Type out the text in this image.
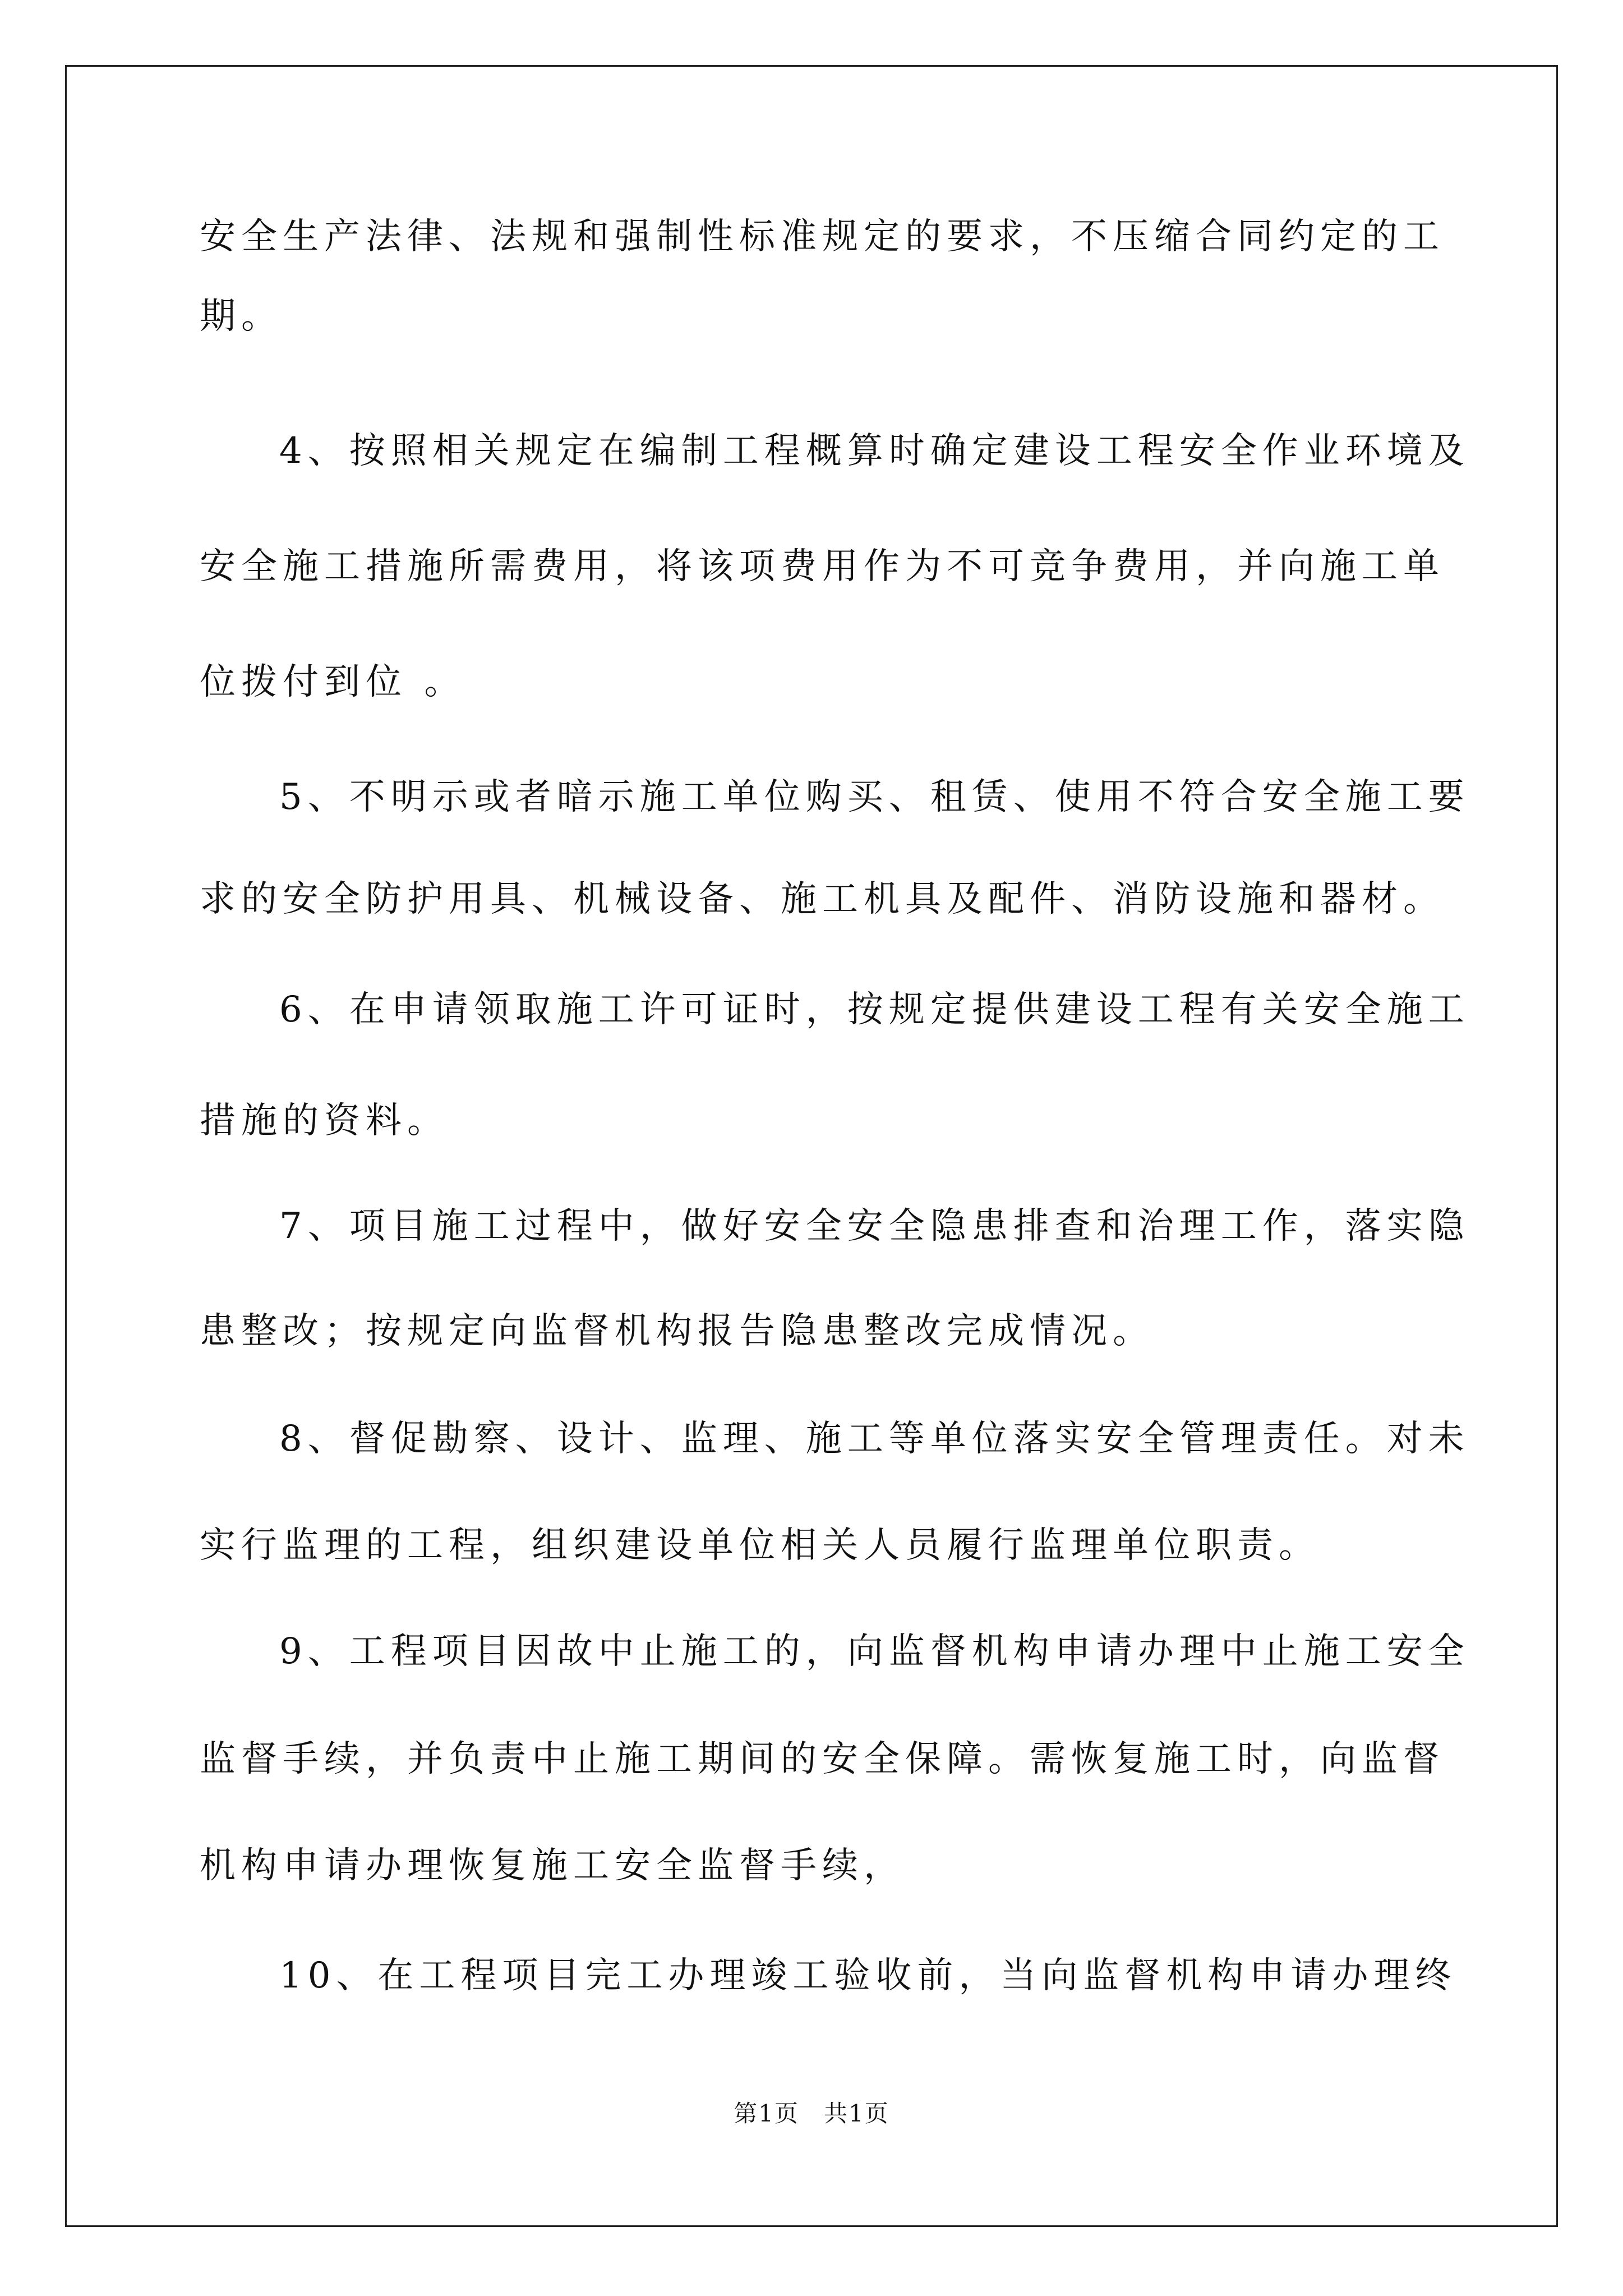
安全生产法律、法规和强制性标准规定的要求，不压缩合同约定的工
期。
4、按照相关规定在编制工程概算时确定建设工程安全作业环境及
安全施工措施所需费用，将该项费用作为不可竞争费用，并向施工单
位拨付到位 。
5、不明示或者暗示施工单位购买、租赁、使用不符合安全施工要
求的安全防护用具、机械设备、施工机具及配件、消防设施和器材。
6、在申请领取施工许可证时，按规定提供建设工程有关安全施工
措施的资料。
7、项目施工过程中，做好安全安全隐患排查和治理工作，落实隐
患整改；按规定向监督机构报告隐患整改完成情况。
8、督促勘察、设计、监理、施工等单位落实安全管理责任。对未
实行监理的工程，组织建设单位相关人员履行监理单位职责。
9、工程项目因故中止施工的，向监督机构申请办理中止施工安全
监督手续，并负责中止施工期间的安全保障。需恢复施工时，向监督
机构申请办理恢复施工安全监督手续，
10、在工程项目完工办理竣工验收前，当向监督机构申请办理终
第1页　共1页
